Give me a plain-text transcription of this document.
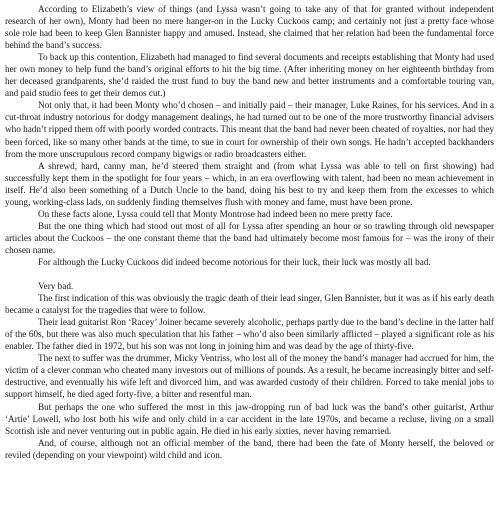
According to Elizabeth’s view of things (and Lyssa wasn’t going to take any of that for granted without independent research of her own), Monty had been no mere hanger-on in the Lucky Cuckoos camp; and certainly not just a pretty face whose sole role had been to keep Glen Bannister happy and amused. Instead, she claimed that her relation had been the fundamental force behind the band’s success.

To back up this contention, Elizabeth had managed to find several documents and receipts establishing that Monty had used her own money to help fund the band’s original efforts to hit the big time. (After inheriting money on her eighteenth birthday from her deceased grandparents, she’d raided the trust fund to buy the band new and better instruments and a comfortable touring van, and paid studio fees to get their demos cut.)

Not only that, it had been Monty who’d chosen – and initially paid – their manager, Luke Raines, for his services. And in a cut-throat industry notorious for dodgy management dealings, he had turned out to be one of the more trustworthy financial advisers who hadn’t ripped them off with poorly worded contracts. This meant that the band had never been cheated of royalties, nor had they been forced, like so many other bands at the time, to sue in court for ownership of their own songs. He hadn’t accepted backhanders from the more unscrupulous record company bigwigs or radio broadcasters either.

A shrewd, hard, canny man, he’d steered them straight and (from what Lyssa was able to tell on first showing) had successfully kept them in the spotlight for four years – which, in an era overflowing with talent, had been no mean achievement in itself. He’d also been something of a Dutch Uncle to the band, doing his best to try and keep them from the excesses to which young, working-class lads, on suddenly finding themselves flush with money and fame, must have been prone.

On these facts alone, Lyssa could tell that Monty Montrose had indeed been no mere pretty face.

But the one thing which had stood out most of all for Lyssa after spending an hour or so trawling through old newspaper articles about the Cuckoos – the one constant theme that the band had ultimately become most famous for – was the irony of their chosen name.

For although the Lucky Cuckoos did indeed become notorious for their luck, their luck was mostly all bad.

Very bad.

The first indication of this was obviously the tragic death of their lead singer, Glen Bannister, but it was as if his early death became a catalyst for the tragedies that were to follow.

Their lead guitarist Ron ‘Racey’ Joiner became severely alcoholic, perhaps partly due to the band’s decline in the latter half of the 60s, but there was also much speculation that his father – who’d also been similarly afflicted – played a significant role as his enabler. The father died in 1972, but his son was not long in joining him and was dead by the age of thirty-five.

The next to suffer was the drummer, Micky Ventriss, who lost all of the money the band’s manager had accrued for him, the victim of a clever conman who cheated many investors out of millions of pounds. As a result, he became increasingly bitter and self-destructive, and eventually his wife left and divorced him, and was awarded custody of their children. Forced to take menial jobs to support himself, he died aged forty-five, a bitter and resentful man.

But perhaps the one who suffered the most in this jaw-dropping run of bad luck was the band’s other guitarist, Arthur ‘Artie’ Lowell, who lost both his wife and only child in a car accident in the late 1970s, and became a recluse, living on a small Scottish isle and never venturing out in public again. He died in his early sixties, never having remarried.

And, of course, although not an official member of the band, there had been the fate of Monty herself, the beloved or reviled (depending on your viewpoint) wild child and icon.
